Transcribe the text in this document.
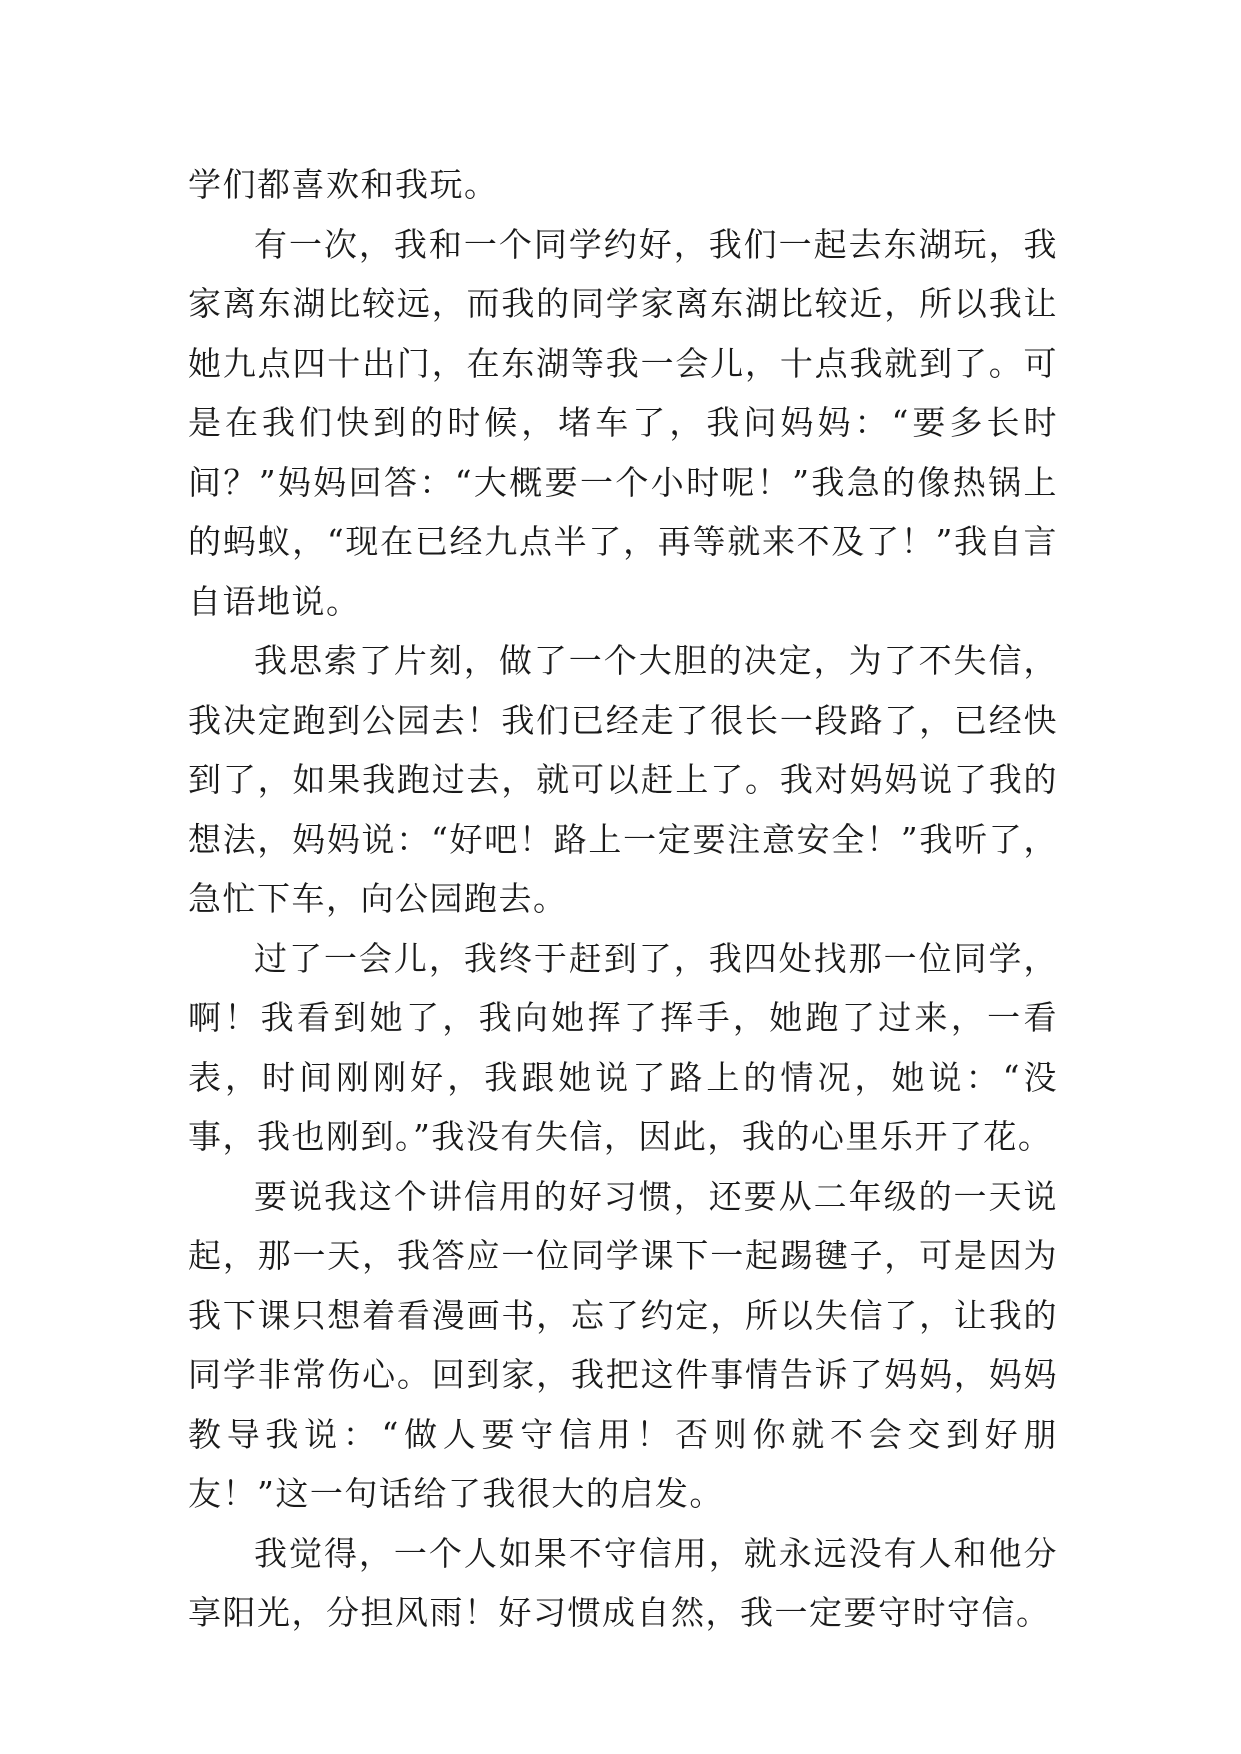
学们都喜欢和我玩。

有一次，我和一个同学约好，我们一起去东湖玩，我家离东湖比较远，而我的同学家离东湖比较近，所以我让她九点四十出门，在东湖等我一会儿，十点我就到了。可是在我们快到的时候，堵车了，我问妈妈：“要多长时间？”妈妈回答：“大概要一个小时呢！”我急的像热锅上的蚂蚁，“现在已经九点半了，再等就来不及了！”我自言自语地说。

我思索了片刻，做了一个大胆的决定，为了不失信，我决定跑到公园去！我们已经走了很长一段路了，已经快到了，如果我跑过去，就可以赶上了。我对妈妈说了我的想法，妈妈说：“好吧！路上一定要注意安全！”我听了，急忙下车，向公园跑去。

过了一会儿，我终于赶到了，我四处找那一位同学，啊！我看到她了，我向她挥了挥手，她跑了过来，一看表，时间刚刚好，我跟她说了路上的情况，她说：“没事，我也刚到。”我没有失信，因此，我的心里乐开了花。

要说我这个讲信用的好习惯，还要从二年级的一天说起，那一天，我答应一位同学课下一起踢毽子，可是因为我下课只想着看漫画书，忘了约定，所以失信了，让我的同学非常伤心。回到家，我把这件事情告诉了妈妈，妈妈教导我说：“做人要守信用！否则你就不会交到好朋友！”这一句话给了我很大的启发。

我觉得，一个人如果不守信用，就永远没有人和他分享阳光，分担风雨！好习惯成自然，我一定要守时守信。
